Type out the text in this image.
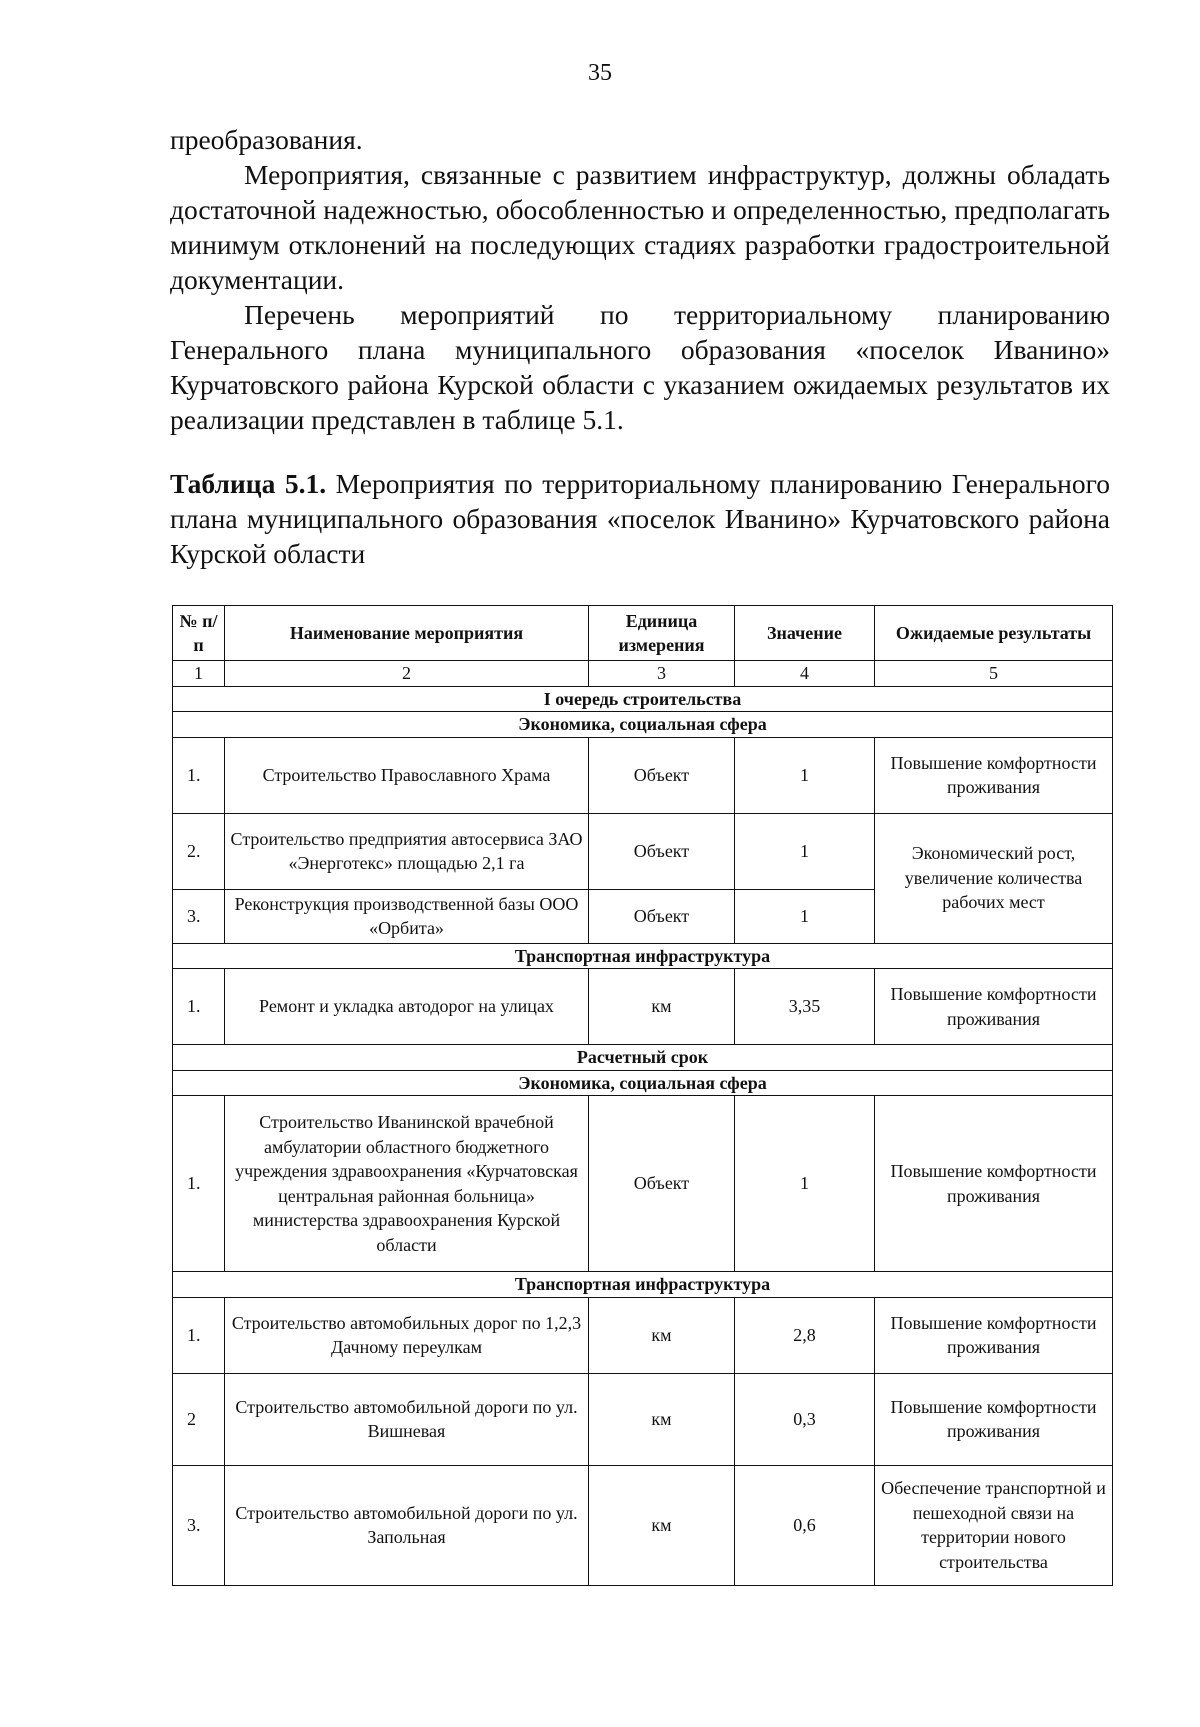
35

преобразования.

Мероприятия, связанные с развитием инфраструктур, должны обладать достаточной надежностью, обособленностью и определенностью, предполагать минимум отклонений на последующих стадиях разработки градостроительной документации.

Перечень мероприятий по территориальному планированию Генерального плана муниципального образования «поселок Иванино» Курчатовского района Курской области с указанием ожидаемых результатов их реализации представлен в таблице 5.1.

Таблица 5.1. Мероприятия по территориальному планированию Генерального плана муниципального образования «поселок Иванино» Курчатовского района Курской области
№ п/п	Наименование мероприятия	Единица измерения	Значение	Ожидаемые результаты
1	2	3	4	5
I очередь строительства				
Экономика, социальная сфера				
1.	Строительство Православного Храма	Объект	1	Повышение комфортности проживания
2.	Строительство предприятия автосервиса ЗАО «Энерготекс» площадью 2,1 га	Объект	1	Экономический рост, увеличение количества рабочих мест
3.	Реконструкция производственной базы ООО «Орбита»	Объект	1	
Транспортная инфраструктура				
1.	Ремонт и укладка автодорог на улицах	км	3,35	Повышение комфортности проживания
Расчетный срок				
Экономика, социальная сфера				
1.	Строительство Иванинской врачебной амбулатории областного бюджетного учреждения здравоохранения «Курчатовская центральная районная больница» министерства здравоохранения Курской области	Объект	1	Повышение комфортности проживания
Транспортная инфраструктура				
1.	Строительство автомобильных дорог по 1,2,3 Дачному переулкам	км	2,8	Повышение комфортности проживания
2	Строительство автомобильной дороги по ул. Вишневая	км	0,3	Повышение комфортности проживания
3.	Строительство автомобильной дороги по ул. Запольная	км	0,6	Обеспечение транспортной и пешеходной связи на территории нового строительства
